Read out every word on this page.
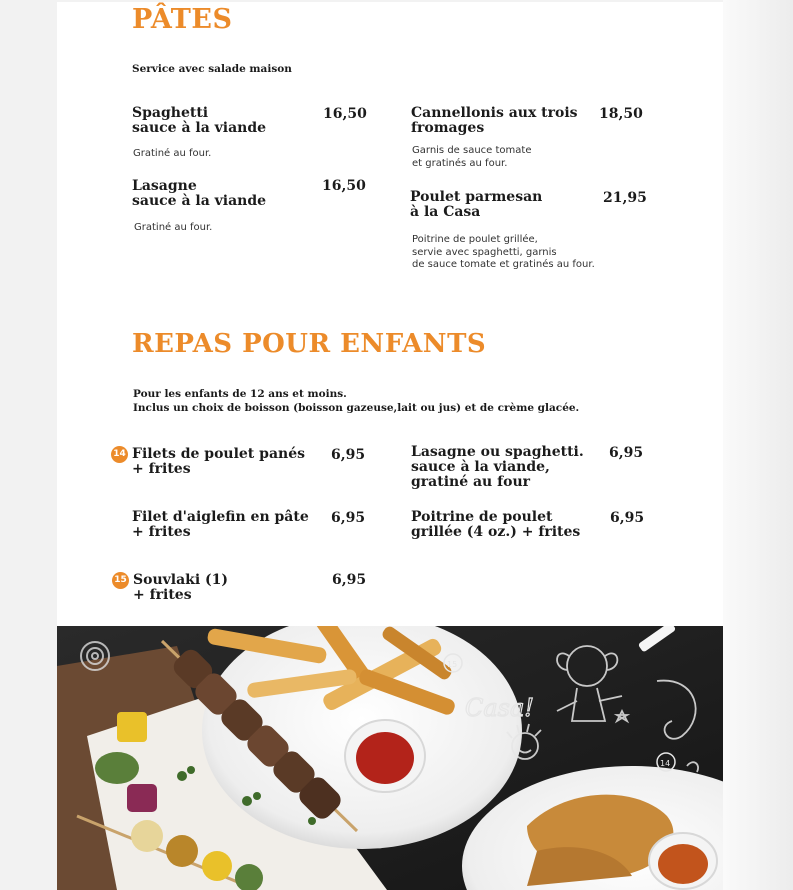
PÂTES
Service avec salade maison
Spaghetti
sauce à la viande
16,50
Gratiné au four.
Lasagne
sauce à la viande
16,50
Gratiné au four.
Cannellonis aux trois
fromages
18,50
Garnis de sauce tomate
et gratinés au four.
Poulet parmesan
à la Casa
21,95
Poitrine de poulet grillée,
servie avec spaghetti, garnis
de sauce tomate et gratinés au four.
REPAS POUR ENFANTS
Pour les enfants de 12 ans et moins.
Inclus un choix de boisson (boisson gazeuse,lait ou jus) et de crème glacée.
14 Filets de poulet panés
+ frites
6,95
Filet d'aiglefin en pâte
+ frites
6,95
15 Souvlaki (1)
+ frites
6,95
Lasagne ou spaghetti.
sauce à la viande,
gratiné au four
6,95
Poitrine de poulet
grillée (4 oz.) + frites
6,95
Casa!
15
14
